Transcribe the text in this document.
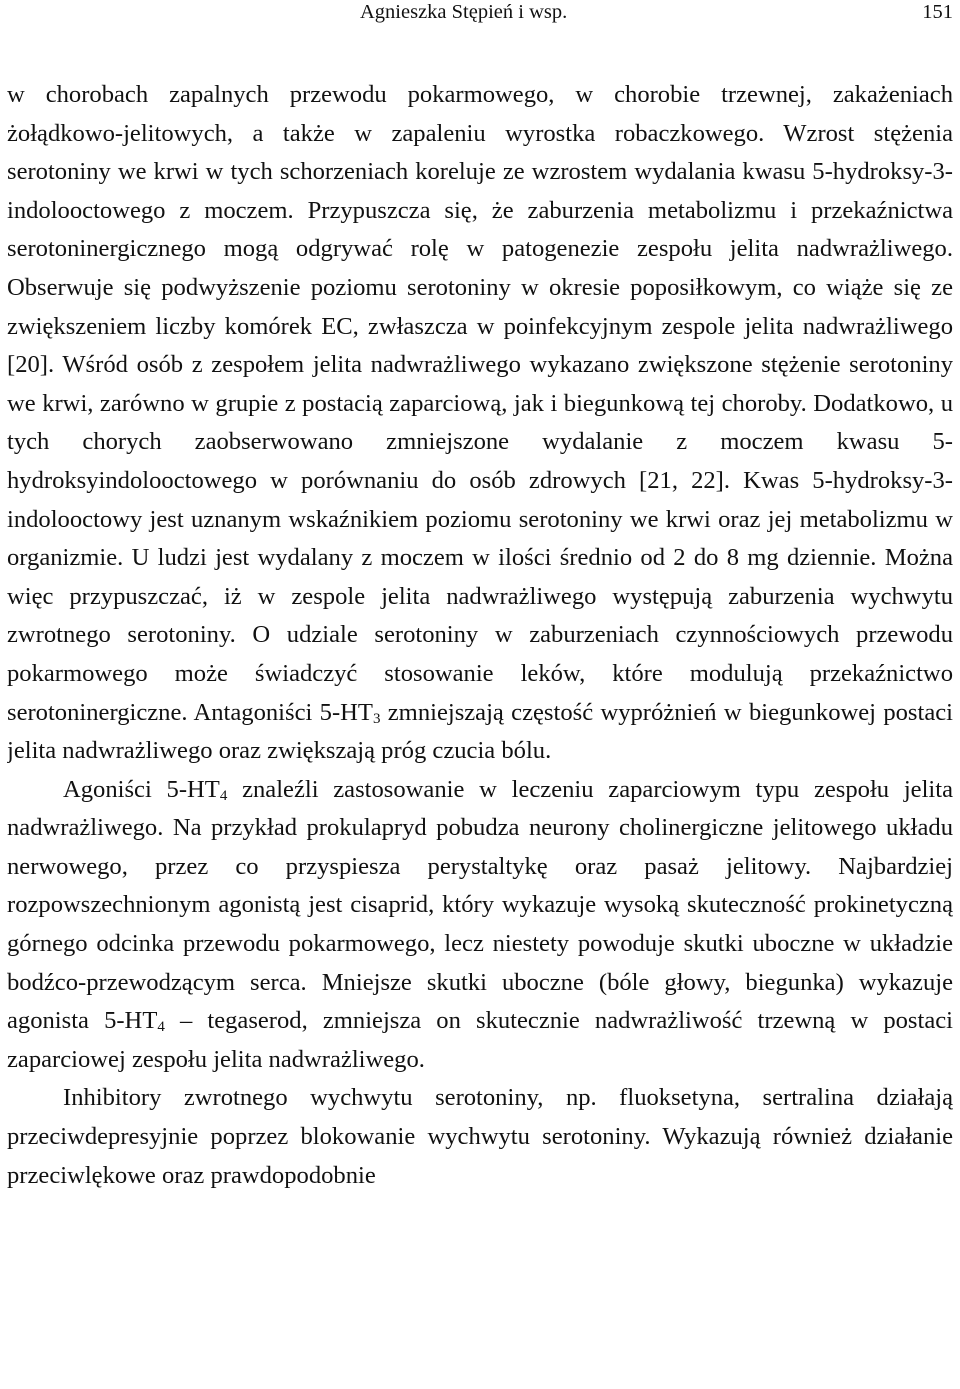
Agnieszka Stępień i wsp.	151

w chorobach zapalnych przewodu pokarmowego, w chorobie trzewnej, zakażeniach żołądkowo-jelitowych, a także w zapaleniu wyrostka robaczkowego. Wzrost stężenia serotoniny we krwi w tych schorzeniach koreluje ze wzrostem wydalania kwasu 5-hydroksy-3-indolooctowego z moczem. Przypuszcza się, że zaburzenia metabolizmu i przekaźnictwa serotoninergicznego mogą odgrywać rolę w patogenezie zespołu jelita nadwrażliwego. Obserwuje się podwyższenie poziomu serotoniny w okresie poposiłkowym, co wiąże się ze zwiększeniem liczby komórek EC, zwłaszcza w poinfekcyjnym zespole jelita nadwrażliwego [20]. Wśród osób z zespołem jelita nadwrażliwego wykazano zwiększone stężenie serotoniny we krwi, zarówno w grupie z postacią zaparciową, jak i biegunkową tej choroby. Dodatkowo, u tych chorych zaobserwowano zmniejszone wydalanie z moczem kwasu 5-hydroksyindolooctowego w porównaniu do osób zdrowych [21, 22]. Kwas 5-hydroksy-3-indolooctowy jest uznanym wskaźnikiem poziomu serotoniny we krwi oraz jej metabolizmu w organizmie. U ludzi jest wydalany z moczem w ilości średnio od 2 do 8 mg dziennie. Można więc przypuszczać, iż w zespole jelita nadwrażliwego występują zaburzenia wychwytu zwrotnego serotoniny. O udziale serotoniny w zaburzeniach czynnościowych przewodu pokarmowego może świadczyć stosowanie leków, które modulują przekaźnictwo serotoninergiczne. Antagoniści $5-HT_3$ zmniejszają częstość wypróżnień w biegunkowej postaci jelita nadwrażliwego oraz zwiększają próg czucia bólu.

Agoniści $5-HT_4$ znaleźli zastosowanie w leczeniu zaparciowym typu zespołu jelita nadwrażliwego. Na przykład prokulapryd pobudza neurony cholinergiczne jelitowego układu nerwowego, przez co przyspiesza perystaltykę oraz pasaż jelitowy. Najbardziej rozpowszechnionym agonistą jest cisaprid, który wykazuje wysoką skuteczność prokinetyczną górnego odcinka przewodu pokarmowego, lecz niestety powoduje skutki uboczne w układzie bodźco-przewodzącym serca. Mniejsze skutki uboczne (bóle głowy, biegunka) wykazuje agonista $5-HT_4$ – tegaserod, zmniejsza on skutecznie nadwrażliwość trzewną w postaci zaparciowej zespołu jelita nadwrażliwego.

Inhibitory zwrotnego wychwytu serotoniny, np. fluoksetyna, sertralina działają przeciwdepresyjnie poprzez blokowanie wychwytu serotoniny. Wykazują również działanie przeciwlękowe oraz prawdopodobnie
